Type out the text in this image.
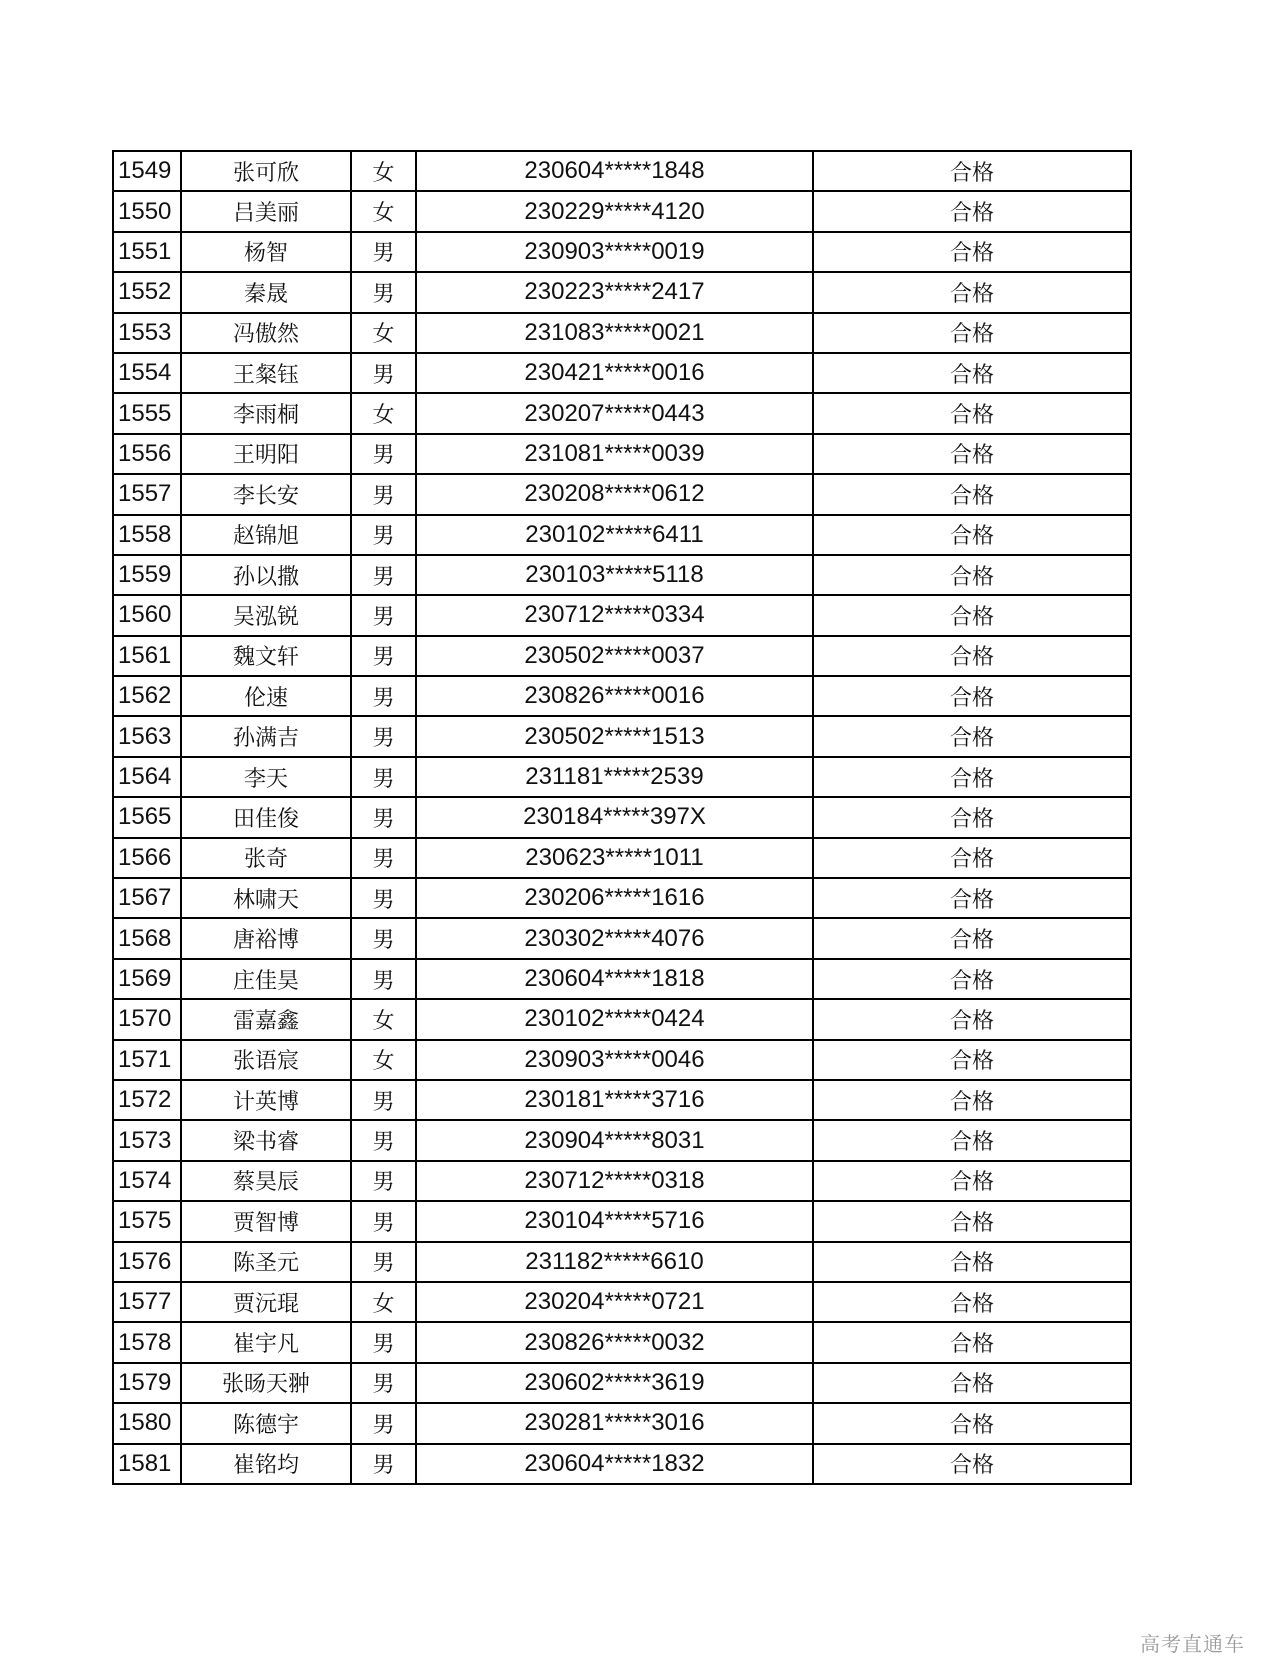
1549	张可欣	女	230604*****1848	合格
1550	吕美丽	女	230229*****4120	合格
1551	杨智	男	230903*****0019	合格
1552	秦晟	男	230223*****2417	合格
1553	冯傲然	女	231083*****0021	合格
1554	王粲钰	男	230421*****0016	合格
1555	李雨桐	女	230207*****0443	合格
1556	王明阳	男	231081*****0039	合格
1557	李长安	男	230208*****0612	合格
1558	赵锦旭	男	230102*****6411	合格
1559	孙以撒	男	230103*****5118	合格
1560	吴泓锐	男	230712*****0334	合格
1561	魏文轩	男	230502*****0037	合格
1562	伦速	男	230826*****0016	合格
1563	孙满吉	男	230502*****1513	合格
1564	李天	男	231181*****2539	合格
1565	田佳俊	男	230184*****397X	合格
1566	张奇	男	230623*****1011	合格
1567	林啸天	男	230206*****1616	合格
1568	唐裕博	男	230302*****4076	合格
1569	庄佳昊	男	230604*****1818	合格
1570	雷嘉鑫	女	230102*****0424	合格
1571	张语宸	女	230903*****0046	合格
1572	计英博	男	230181*****3716	合格
1573	梁书睿	男	230904*****8031	合格
1574	蔡昊辰	男	230712*****0318	合格
1575	贾智博	男	230104*****5716	合格
1576	陈圣元	男	231182*****6610	合格
1577	贾沅琨	女	230204*****0721	合格
1578	崔宇凡	男	230826*****0032	合格
1579	张旸天翀	男	230602*****3619	合格
1580	陈德宇	男	230281*****3016	合格
1581	崔铭均	男	230604*****1832	合格
高考直通车
